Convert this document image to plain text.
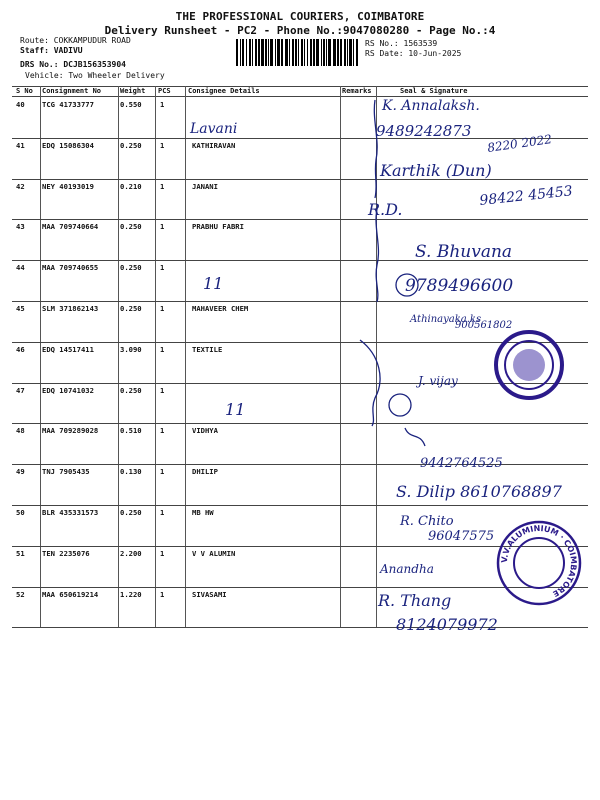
THE PROFESSIONAL COURIERS, COIMBATORE
Delivery Runsheet - PC2 - Phone No.:9047080280 - Page No.:4
Route: COKKAMPUDUR ROAD
Staff: VADIVU
DRS No.: DCJB156353904
Vehicle: Two Wheeler Delivery
RS No.: 1563539
RS Date: 10-Jun-2025
S No Consignment No	Weight PCS Consignee Details	Remarks	Seal & Signature
40 TCG 41733777	0.550	1
41 EDQ 15086304	0.250	1	KATHIRAVAN
42 NEY 40193019	0.210	1	JANANI
43 MAA 709740664	0.250	1	PRABHU FABRI
44 MAA 709740655	0.250	1
45 SLM 371862143	0.250	1	MAHAVEER CHEM
46 EDQ 14517411	3.090	1	TEXTILE
47 EDQ 10741032	0.250	1
48 MAA 709289028	0.510	1	VIDHYA
49 TNJ 7905435	0.130	1	DHILIP
50 BLR 435331573	0.250	1	MB HW
51 TEN 2235076	2.200	1	V V ALUMIN
52 MAA 650619214	1.220	1	SIVASAMI
K. Annalaksh.
9489242873
8220 2022
Lavani
Karthik (Dun)
R.D.
98422 45453
S. Bhuvana
9789496600
11
Athinayaka.ks
900561802
J. vijay
11
9442764525
S. Dilip 8610768897
R. Chito
96047575
Anandha
R. Thang
8124079972
V.V.ALUMINIUM · COIMBATORE
